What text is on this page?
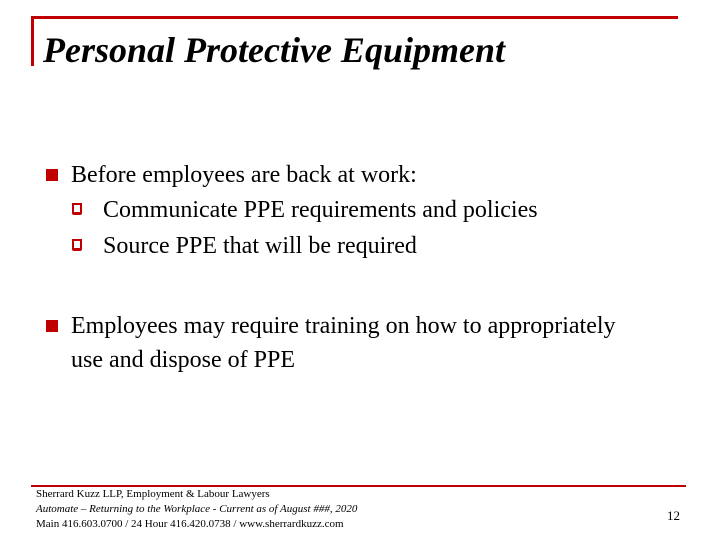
Personal Protective Equipment
Before employees are back at work:
Communicate PPE requirements and policies
Source PPE that will be required
Employees may require training on how to appropriately
use and dispose of PPE
Sherrard Kuzz LLP, Employment & Labour Lawyers
Automate – Returning to the Workplace - Current as of August ###, 2020
Main 416.603.0700 / 24 Hour 416.420.0738 / www.sherrardkuzz.com
12
